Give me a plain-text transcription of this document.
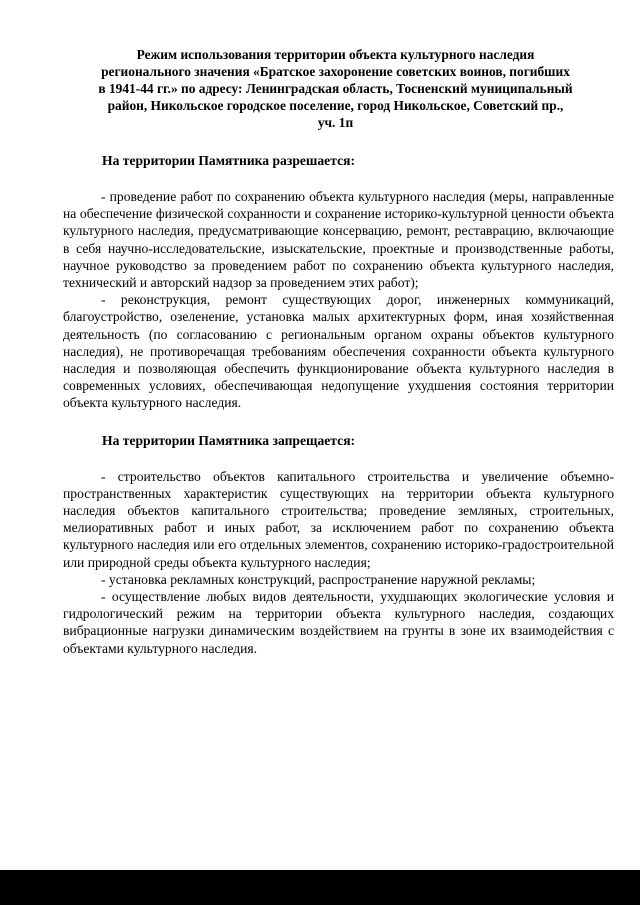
Режим использования территории объекта культурного наследия
регионального значения «Братское захоронение советских воинов, погибших
в 1941-44 гг.» по адресу: Ленинградская область, Тосненский муниципальный
район, Никольское городское поселение, город Никольское, Советский пр.,
уч. 1п
На территории Памятника разрешается:

- проведение работ по сохранению объекта культурного наследия (меры, направленные на обеспечение физической сохранности и сохранение историко-культурной ценности объекта культурного наследия, предусматривающие консервацию, ремонт, реставрацию, включающие в себя научно-исследовательские, изыскательские, проектные и производственные работы, научное руководство за проведением работ по сохранению объекта культурного наследия, технический и авторский надзор за проведением этих работ);

- реконструкция, ремонт существующих дорог, инженерных коммуникаций, благоустройство, озеленение, установка малых архитектурных форм, иная хозяйственная деятельность (по согласованию с региональным органом охраны объектов культурного наследия), не противоречащая требованиям обеспечения сохранности объекта культурного наследия и позволяющая обеспечить функционирование объекта культурного наследия в современных условиях, обеспечивающая недопущение ухудшения состояния территории объекта культурного наследия.

На территории Памятника запрещается:

- строительство объектов капитального строительства и увеличение объемно-пространственных характеристик существующих на территории объекта культурного наследия объектов капитального строительства; проведение земляных, строительных, мелиоративных работ и иных работ, за исключением работ по сохранению объекта культурного наследия или его отдельных элементов, сохранению историко-градостроительной или природной среды объекта культурного наследия;

- установка рекламных конструкций, распространение наружной рекламы;

- осуществление любых видов деятельности, ухудшающих экологические условия и гидрологический режим на территории объекта культурного наследия, создающих вибрационные нагрузки динамическим воздействием на грунты в зоне их взаимодействия с объектами культурного наследия.
